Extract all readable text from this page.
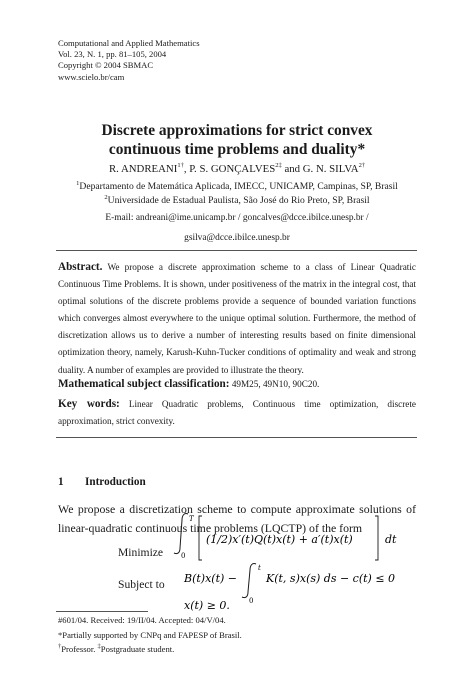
Computational and Applied Mathematics
Vol. 23, N. 1, pp. 81–105, 2004
Copyright © 2004 SBMAC
www.scielo.br/cam
Discrete approximations for strict convex
continuous time problems and duality*
R. $ANDREANI^{1\dagger}$, P. S. $GONÇALVES^{2\ddagger}$ and G. N. $SILVA^{2\dagger}$
$^1$Departamento de Matemática Aplicada, IMECC, UNICAMP, Campinas, SP, Brasil
$^2$Universidade de Estadual Paulista, São José do Rio Preto, SP, Brasil
E-mail: andreani@ime.unicamp.br / goncalves@dcce.ibilce.unesp.br /
gsilva@dcce.ibilce.unesp.br
Abstract. We propose a discrete approximation scheme to a class of Linear Quadratic Continuous Time Problems. It is shown, under positiveness of the matrix in the integral cost, that optimal solutions of the discrete problems provide a sequence of bounded variation functions which converges almost everywhere to the unique optimal solution. Furthermore, the method of discretization allows us to derive a number of interesting results based on finite dimensional optimization theory, namely, Karush-Kuhn-Tucker conditions of optimality and weak and strong duality. A number of examples are provided to illustrate the theory.
Mathematical subject classification: 49M25, 49N10, 90C20.
Key words: Linear Quadratic problems, Continuous time optimization, discrete approximation, strict convexity.
1 Introduction
We propose a discretization scheme to compute approximate solutions of linear-quadratic continuous time problems (LQCTP) of the form
Minimize
Subject to
T
0
(1/2)x′(t)Q(t)x(t) + a′(t)x(t)	dt
B(t)x(t) −
t
0
K(t, s)x(s) ds − c(t) ≤ 0
x(t) ≥ 0.
#601/04. Received: 19/II/04. Accepted: 04/V/04.
*Partially supported by CNPq and FAPESP of Brasil.
†Professor. ‡Postgraduate student.
